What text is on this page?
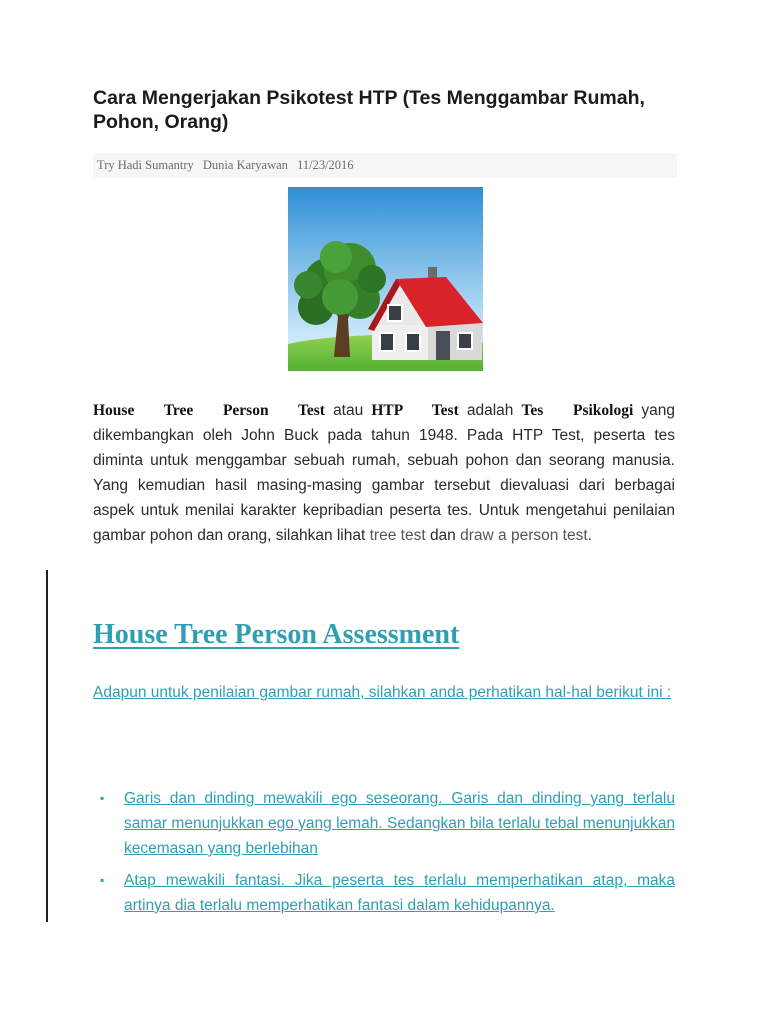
Cara Mengerjakan Psikotest HTP (Tes Menggambar Rumah, Pohon, Orang)
Try Hadi Sumantry Dunia Karyawan 11/23/2016

House Tree Person Test atau HTP Test adalah Tes Psikologi yang dikembangkan oleh John Buck pada tahun 1948. Pada HTP Test, peserta tes diminta untuk menggambar sebuah rumah, sebuah pohon dan seorang manusia. Yang kemudian hasil masing-masing gambar tersebut dievaluasi dari berbagai aspek untuk menilai karakter kepribadian peserta tes. Untuk mengetahui penilaian gambar pohon dan orang, silahkan lihat tree test dan draw a person test.

House Tree Person Assessment

Adapun untuk penilaian gambar rumah, silahkan anda perhatikan hal-hal berikut ini :

▪ Garis dan dinding mewakili ego seseorang. Garis dan dinding yang terlalu samar menunjukkan ego yang lemah. Sedangkan bila terlalu tebal menunjukkan kecemasan yang berlebihan
▪ Atap mewakili fantasi. Jika peserta tes terlalu memperhatikan atap, maka artinya dia terlalu memperhatikan fantasi dalam kehidupannya.
